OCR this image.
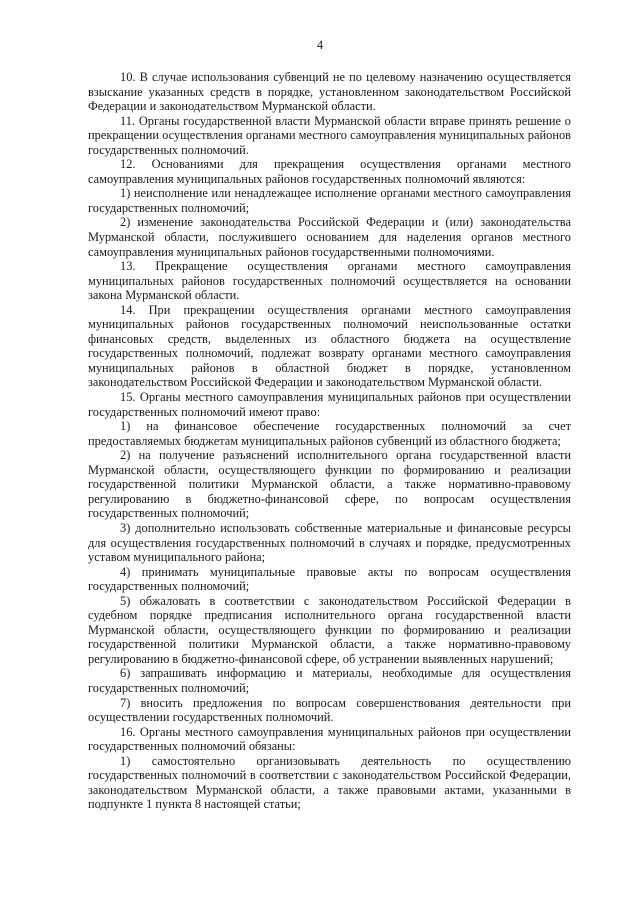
4

10. В случае использования субвенций не по целевому назначению осуществляется взыскание указанных средств в порядке, установленном законодательством Российской Федерации и законодательством Мурманской области.

11. Органы государственной власти Мурманской области вправе принять решение о прекращении осуществления органами местного самоуправления муниципальных районов государственных полномочий.

12. Основаниями для прекращения осуществления органами местного самоуправления муниципальных районов государственных полномочий являются:

1) неисполнение или ненадлежащее исполнение органами местного самоуправления государственных полномочий;

2) изменение законодательства Российской Федерации и (или) законодательства Мурманской области, послужившего основанием для наделения органов местного самоуправления муниципальных районов государственными полномочиями.

13. Прекращение осуществления органами местного самоуправления муниципальных районов государственных полномочий осуществляется на основании закона Мурманской области.

14. При прекращении осуществления органами местного самоуправления муниципальных районов государственных полномочий неиспользованные остатки финансовых средств, выделенных из областного бюджета на осуществление государственных полномочий, подлежат возврату органами местного самоуправления муниципальных районов в областной бюджет в порядке, установленном законодательством Российской Федерации и законодательством Мурманской области.

15. Органы местного самоуправления муниципальных районов при осуществлении государственных полномочий имеют право:

1) на финансовое обеспечение государственных полномочий за счет предоставляемых бюджетам муниципальных районов субвенций из областного бюджета;

2) на получение разъяснений исполнительного органа государственной власти Мурманской области, осуществляющего функции по формированию и реализации государственной политики Мурманской области, а также нормативно-правовому регулированию в бюджетно-финансовой сфере, по вопросам осуществления государственных полномочий;

3) дополнительно использовать собственные материальные и финансовые ресурсы для осуществления государственных полномочий в случаях и порядке, предусмотренных уставом муниципального района;

4) принимать муниципальные правовые акты по вопросам осуществления государственных полномочий;

5) обжаловать в соответствии с законодательством Российской Федерации в судебном порядке предписания исполнительного органа государственной власти Мурманской области, осуществляющего функции по формированию и реализации государственной политики Мурманской области, а также нормативно-правовому регулированию в бюджетно-финансовой сфере, об устранении выявленных нарушений;

6) запрашивать информацию и материалы, необходимые для осуществления государственных полномочий;

7) вносить предложения по вопросам совершенствования деятельности при осуществлении государственных полномочий.

16. Органы местного самоуправления муниципальных районов при осуществлении государственных полномочий обязаны:

1) самостоятельно организовывать деятельность по осуществлению государственных полномочий в соответствии с законодательством Российской Федерации, законодательством Мурманской области, а также правовыми актами, указанными в подпункте 1 пункта 8 настоящей статьи;
